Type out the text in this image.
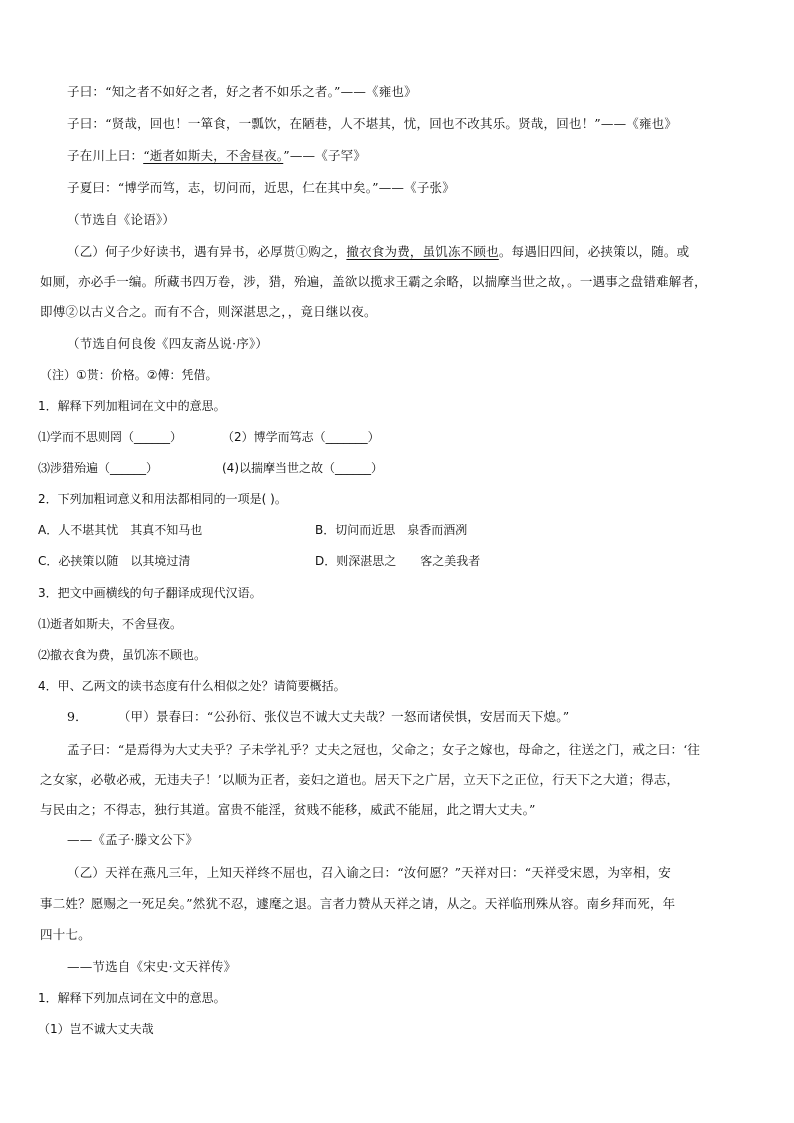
子曰：“知之者不如好之者，好之者不如乐之者。”——《雍也》
子曰：“贤哉，回也！一箪食，一瓢饮，在陋巷，人不堪其，忧，回也不改其乐。贤哉，回也！”——《雍也》
子在川上曰：“逝者如斯夫，不舍昼夜。”——《子罕》
子夏曰：“博学而笃，志，切问而，近思，仁在其中矣。”——《子张》
（节选自《论语》）
（乙）何子少好读书，遇有异书，必厚贳①购之，撤衣食为费，虽饥冻不顾也。每遇旧四间，必挟策以，随。或
如厕，亦必手一编。所藏书四万卷，涉，猎，殆遍，盖欲以揽求王霸之余略，以揣摩当世之故，。一遇事之盘错难解者，
即傅②以古义合之。而有不合，则深湛思之，，竟日继以夜。
（节选自何良俊《四友斋丛说·序》）
（注）①贳：价格。②傅：凭借。
1．解释下列加粗词在文中的意思。
⑴学而不思则罔（______）	（2）博学而笃志（_______）
⑶涉猎殆遍（______）	(4)以揣摩当世之故（______）
2．下列加粗词意义和用法都相同的一项是( )。
A．人不堪其忧　其真不知马也	B．切问而近思　泉香而酒冽
C．必挟策以随　以其境过清	D．则深湛思之　　客之美我者
3．把文中画横线的句子翻译成现代汉语。
⑴逝者如斯夫，不舍昼夜。
⑵撤衣食为费，虽饥冻不顾也。
4．甲、乙两文的读书态度有什么相似之处？请简要概括。
9． （甲）景春曰：“公孙衍、张仪岂不诚大丈夫哉？一怒而诸侯惧，安居而天下熄。”
孟子曰：“是焉得为大丈夫乎？子未学礼乎？丈夫之冠也，父命之；女子之嫁也，母命之，往送之门，戒之曰：‘往
之女家，必敬必戒，无违夫子！’以顺为正者，妾妇之道也。居天下之广居，立天下之正位，行天下之大道；得志，
与民由之；不得志，独行其道。富贵不能淫，贫贱不能移，威武不能屈，此之谓大丈夫。”
——《孟子·滕文公下》
（乙）天祥在燕凡三年，上知天祥终不屈也，召入谕之曰：“汝何愿？”天祥对曰：“天祥受宋恩，为宰相，安
事二姓？愿赐之一死足矣。”然犹不忍，遽麾之退。言者力赞从天祥之请，从之。天祥临刑殊从容。南乡拜而死，年
四十七。
——节选自《宋史·文天祥传》
1．解释下列加点词在文中的意思。
（1）岂不诚大丈夫哉
